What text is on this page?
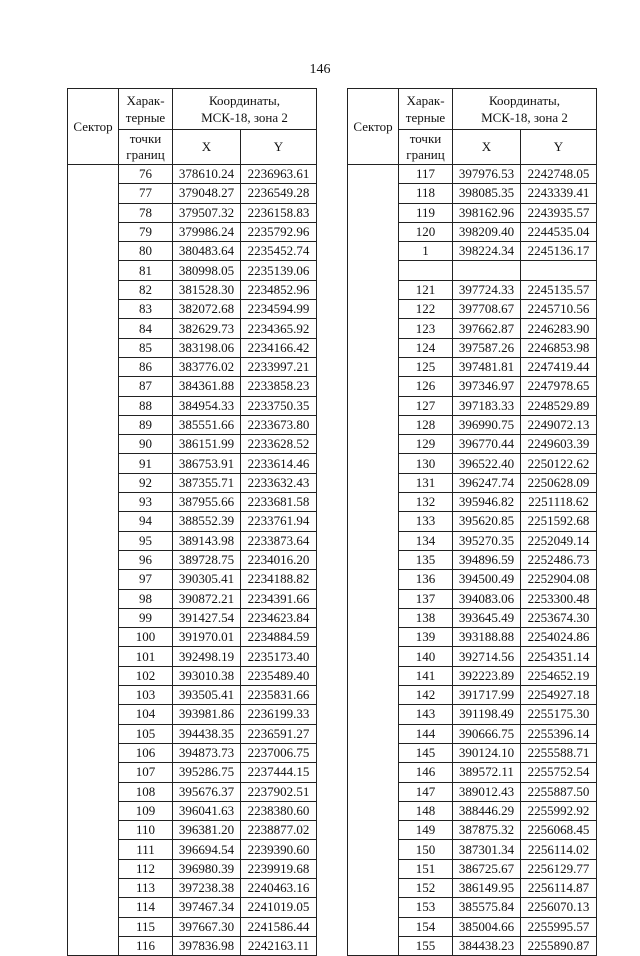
146
Сектор	Харак-
терные	Координаты,
МСК-18, зона 2	
	точки
границ	X	Y
	76	378610.24	2236963.61
	77	379048.27	2236549.28
	78	379507.32	2236158.83
	79	379986.24	2235792.96
	80	380483.64	2235452.74
	81	380998.05	2235139.06
	82	381528.30	2234852.96
	83	382072.68	2234594.99
	84	382629.73	2234365.92
	85	383198.06	2234166.42
	86	383776.02	2233997.21
	87	384361.88	2233858.23
	88	384954.33	2233750.35
	89	385551.66	2233673.80
	90	386151.99	2233628.52
	91	386753.91	2233614.46
	92	387355.71	2233632.43
	93	387955.66	2233681.58
	94	388552.39	2233761.94
	95	389143.98	2233873.64
	96	389728.75	2234016.20
	97	390305.41	2234188.82
	98	390872.21	2234391.66
	99	391427.54	2234623.84
	100	391970.01	2234884.59
	101	392498.19	2235173.40
	102	393010.38	2235489.40
	103	393505.41	2235831.66
	104	393981.86	2236199.33
	105	394438.35	2236591.27
	106	394873.73	2237006.75
	107	395286.75	2237444.15
	108	395676.37	2237902.51
	109	396041.63	2238380.60
	110	396381.20	2238877.02
	111	396694.54	2239390.60
	112	396980.39	2239919.68
	113	397238.38	2240463.16
	114	397467.34	2241019.05
	115	397667.30	2241586.44
	116	397836.98	2242163.11
Сектор	Харак-
терные	Координаты,
МСК-18, зона 2	
	точки
границ	X	Y
	117	397976.53	2242748.05
	118	398085.35	2243339.41
	119	398162.96	2243935.57
	120	398209.40	2244535.04
	1	398224.34	2245136.17

	121	397724.33	2245135.57
	122	397708.67	2245710.56
	123	397662.87	2246283.90
	124	397587.26	2246853.98
	125	397481.81	2247419.44
	126	397346.97	2247978.65
	127	397183.33	2248529.89
	128	396990.75	2249072.13
	129	396770.44	2249603.39
	130	396522.40	2250122.62
	131	396247.74	2250628.09
	132	395946.82	2251118.62
	133	395620.85	2251592.68
	134	395270.35	2252049.14
	135	394896.59	2252486.73
	136	394500.49	2252904.08
	137	394083.06	2253300.48
	138	393645.49	2253674.30
	139	393188.88	2254024.86
	140	392714.56	2254351.14
	141	392223.89	2254652.19
	142	391717.99	2254927.18
	143	391198.49	2255175.30
	144	390666.75	2255396.14
	145	390124.10	2255588.71
	146	389572.11	2255752.54
	147	389012.43	2255887.50
	148	388446.29	2255992.92
	149	387875.32	2256068.45
	150	387301.34	2256114.02
	151	386725.67	2256129.77
	152	386149.95	2256114.87
	153	385575.84	2256070.13
	154	385004.66	2255995.57
	155	384438.23	2255890.87
